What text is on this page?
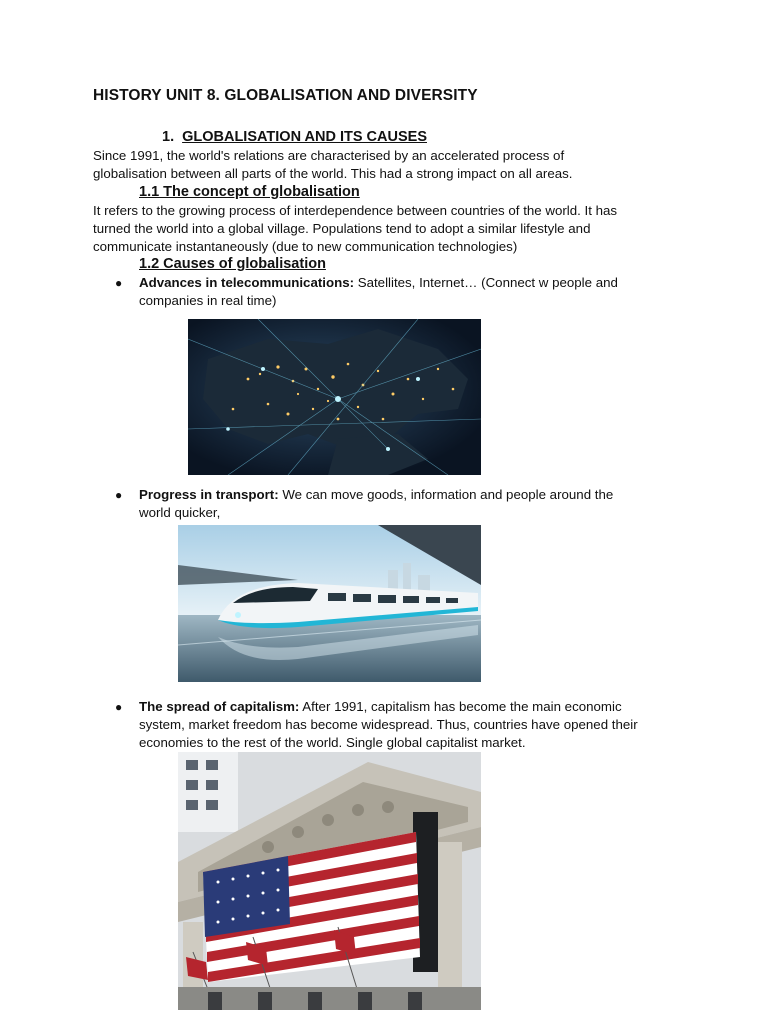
HISTORY UNIT 8. GLOBALISATION AND DIVERSITY
1. GLOBALISATION AND ITS CAUSES
Since 1991, the world's relations are characterised by an accelerated process of
globalisation between all parts of the world. This had a strong impact on all areas.
1.1 The concept of globalisation
It refers to the growing process of interdependence between countries of the world. It has
turned the world into a global village. Populations tend to adopt a similar lifestyle and
communicate instantaneously (due to new communication technologies)
1.2 Causes of globalisation
● Advances in telecommunications: Satellites, Internet… (Connect w people and
companies in real time)
● Progress in transport: We can move goods, information and people around the
world quicker,
● The spread of capitalism: After 1991, capitalism has become the main economic
system, market freedom has become widespread. Thus, countries have opened their
economies to the rest of the world. Single global capitalist market.
